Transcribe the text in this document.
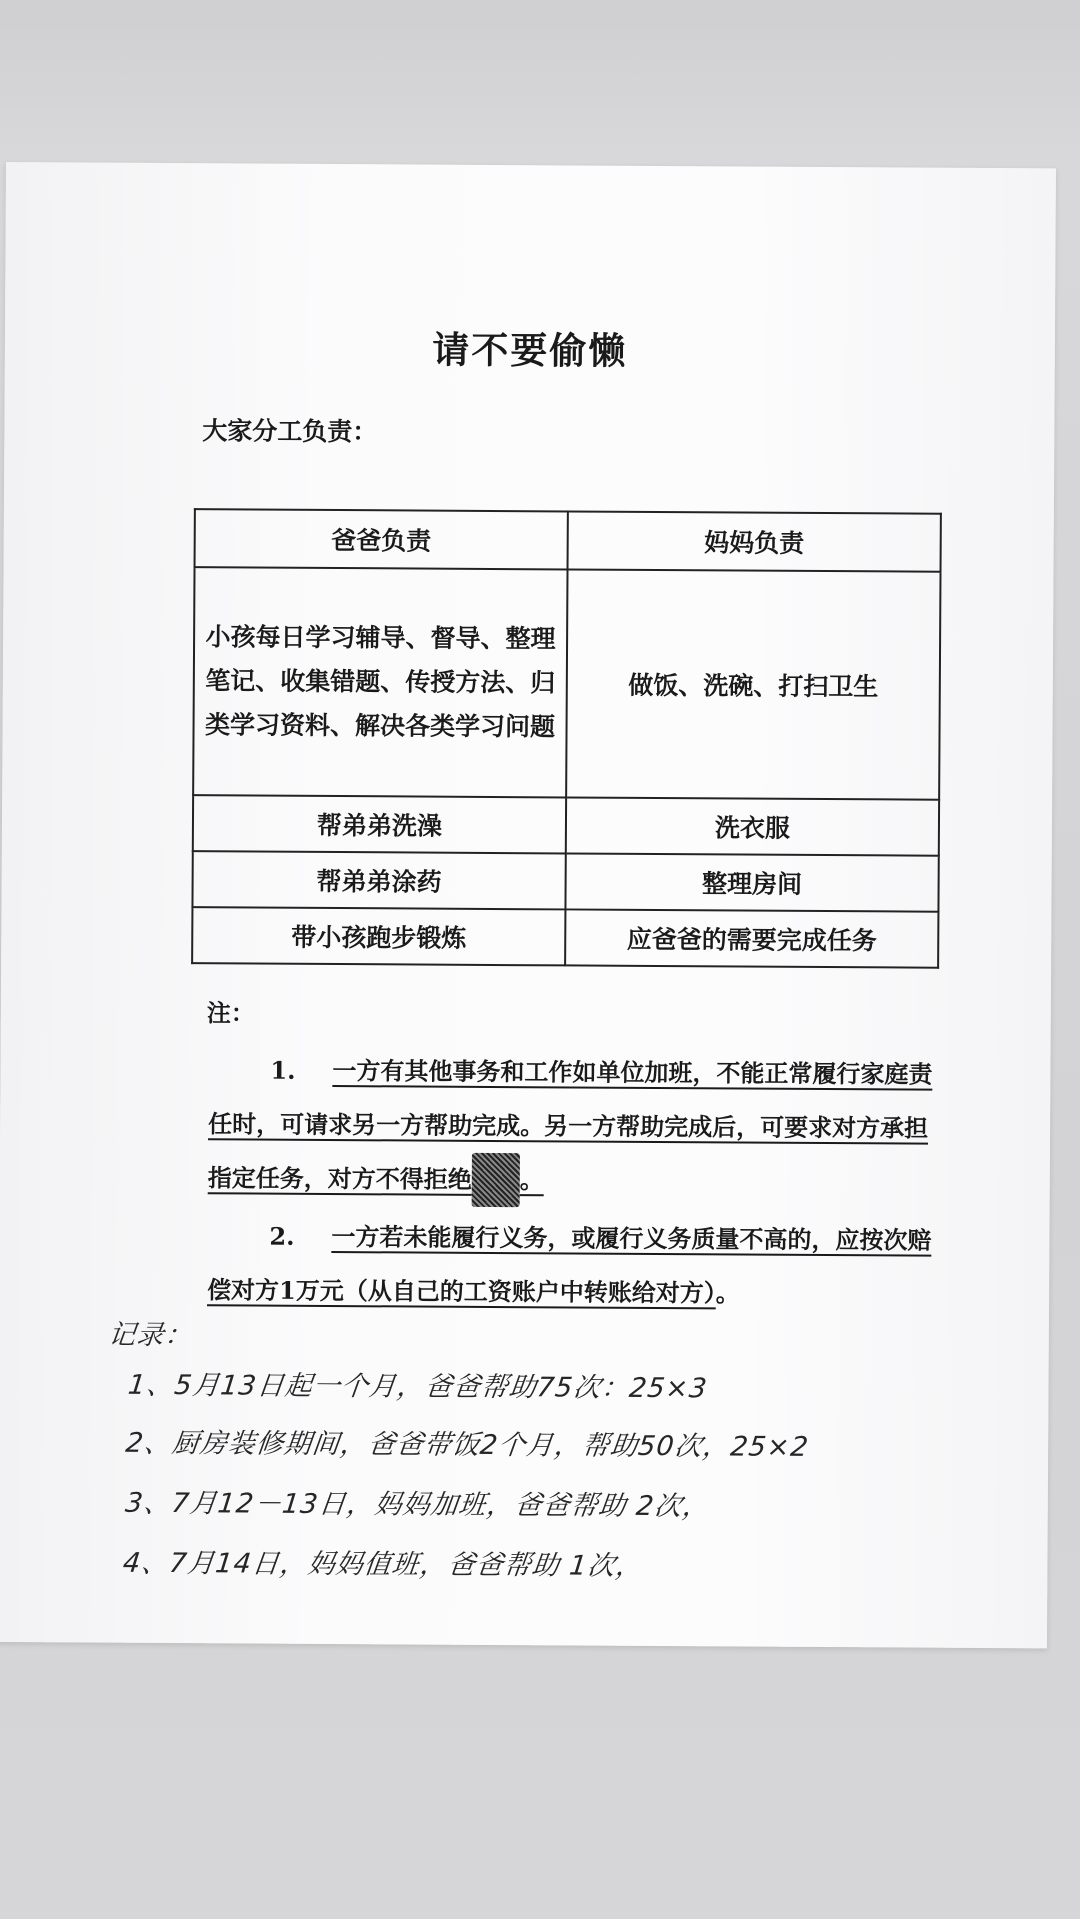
请不要偷懒
大家分工负责：
爸爸负责	妈妈负责
小孩每日学习辅导、督导、整理笔记、收集错题、传授方法、归类学习资料、解决各类学习问题	做饭、洗碗、打扫卫生
帮弟弟洗澡	洗衣服
帮弟弟涂药	整理房间
带小孩跑步锻炼	应爸爸的需要完成任务
注：
1. 一方有其他事务和工作如单位加班，不能正常履行家庭责任时，可请求另一方帮助完成。另一方帮助完成后，可要求对方承担指定任务，对方不得拒绝 。
2. 一方若未能履行义务，或履行义务质量不高的，应按次赔偿对方1万元（从自己的工资账户中转账给对方）。
记录：
1、5月13日起一个月，爸爸帮助75次：25×3
2、厨房装修期间，爸爸带饭2个月，帮助50次，25×2
3、7月12－13日，妈妈加班，爸爸帮助 2次，
4、7月14日，妈妈值班，爸爸帮助 1次，
